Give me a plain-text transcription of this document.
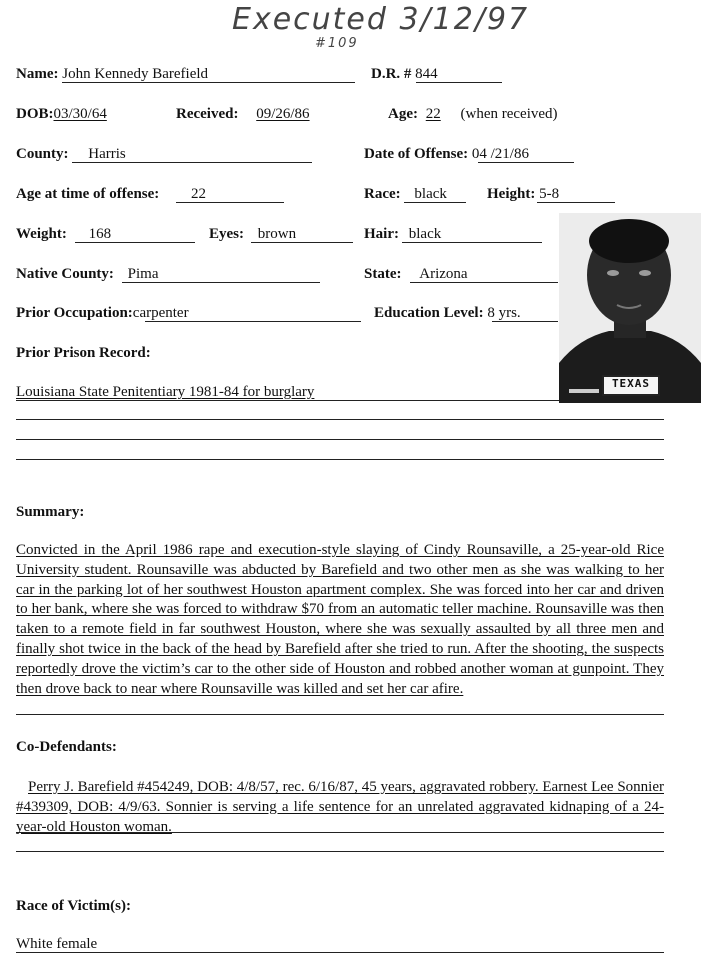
Executed 3/12/97
#109
Name: John Kennedy Barefield	D.R. # 844
DOB:03/30/64	Received: 09/26/86	Age: 22 (when received)
County: Harris	Date of Offense: 04 /21/86
Age at time of offense: 22	Race: black	Height: 5-8
Weight: 168	Eyes: brown	Hair: black
Native County: Pima	State: Arizona
Prior Occupation:carpenter	Education Level: 8 yrs.
Prior Prison Record:
Louisiana State Penitentiary 1981-84 for burglary
TEXAS
Summary:
Convicted in the April 1986 rape and execution-style slaying of Cindy Rounsaville, a 25-year-old Rice University student. Rounsaville was abducted by Barefield and two other men as she was walking to her car in the parking lot of her southwest Houston apartment complex. She was forced into her car and driven to her bank, where she was forced to withdraw $70 from an automatic teller machine. Rounsaville was then taken to a remote field in far southwest Houston, where she was sexually assaulted by all three men and finally shot twice in the back of the head by Barefield after she tried to run. After the shooting, the suspects reportedly drove the victim’s car to the other side of Houston and robbed another woman at gunpoint. They then drove back to near where Rounsaville was killed and set her car afire.
Co-Defendants:
Perry J. Barefield #454249, DOB: 4/8/57, rec. 6/16/87, 45 years, aggravated robbery. Earnest Lee Sonnier #439309, DOB: 4/9/63. Sonnier is serving a life sentence for an unrelated aggravated kidnaping of a 24-year-old Houston woman.
Race of Victim(s):
White female
